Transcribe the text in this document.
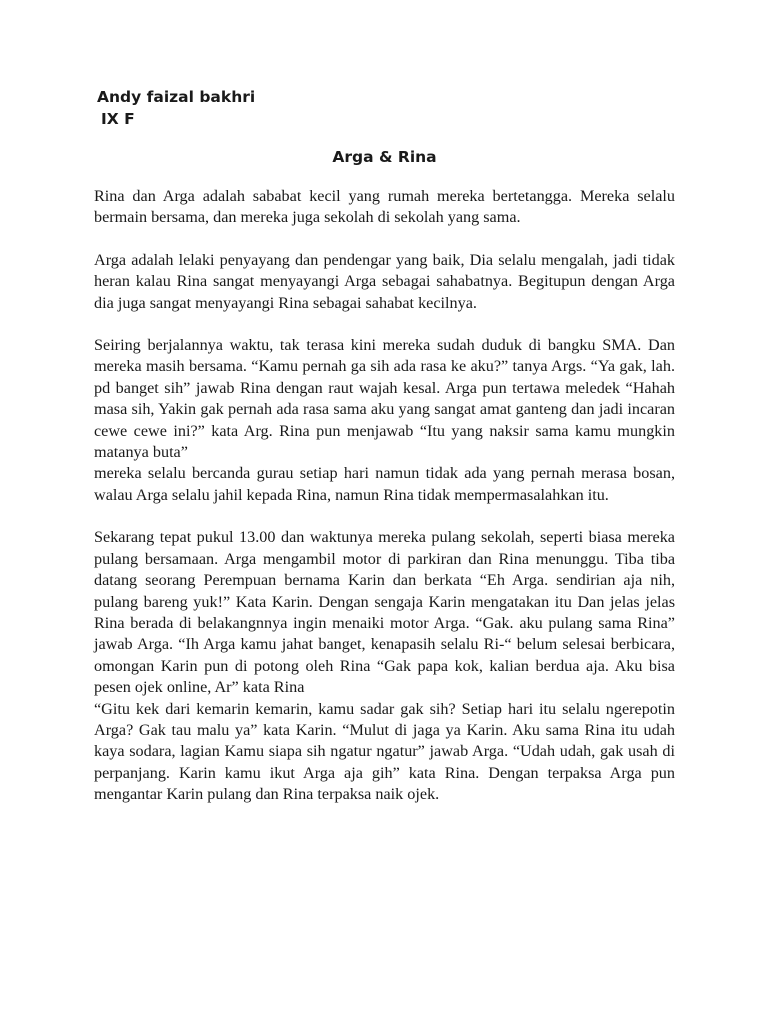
Andy faizal bakhri
IX F
Arga & Rina

Rina dan Arga adalah sababat kecil yang rumah mereka bertetangga. Mereka selalu bermain bersama, dan mereka juga sekolah di sekolah yang sama.

Arga adalah lelaki penyayang dan pendengar yang baik, Dia selalu mengalah, jadi tidak heran kalau Rina sangat menyayangi Arga sebagai sahabatnya. Begitupun dengan Arga dia juga sangat menyayangi Rina sebagai sahabat kecilnya.

Seiring berjalannya waktu, tak terasa kini mereka sudah duduk di bangku SMA. Dan mereka masih bersama. “Kamu pernah ga sih ada rasa ke aku?” tanya Args. “Ya gak, lah. pd banget sih” jawab Rina dengan raut wajah kesal. Arga pun tertawa meledek “Hahah masa sih, Yakin gak pernah ada rasa sama aku yang sangat amat ganteng dan jadi incaran cewe cewe ini?” kata Arg. Rina pun menjawab “Itu yang naksir sama kamu mungkin matanya buta”

mereka selalu bercanda gurau setiap hari namun tidak ada yang pernah merasa bosan, walau Arga selalu jahil kepada Rina, namun Rina tidak mempermasalahkan itu.

Sekarang tepat pukul 13.00 dan waktunya mereka pulang sekolah, seperti biasa mereka pulang bersamaan. Arga mengambil motor di parkiran dan Rina menunggu. Tiba tiba datang seorang Perempuan bernama Karin dan berkata “Eh Arga. sendirian aja nih, pulang bareng yuk!” Kata Karin. Dengan sengaja Karin mengatakan itu Dan jelas jelas Rina berada di belakangnnya ingin menaiki motor Arga. “Gak. aku pulang sama Rina” jawab Arga. “Ih Arga kamu jahat banget, kenapasih selalu Ri-“ belum selesai berbicara, omongan Karin pun di potong oleh Rina “Gak papa kok, kalian berdua aja. Aku bisa pesen ojek online, Ar” kata Rina

“Gitu kek dari kemarin kemarin, kamu sadar gak sih? Setiap hari itu selalu ngerepotin Arga? Gak tau malu ya” kata Karin. “Mulut di jaga ya Karin. Aku sama Rina itu udah kaya sodara, lagian Kamu siapa sih ngatur ngatur” jawab Arga. “Udah udah, gak usah di perpanjang. Karin kamu ikut Arga aja gih” kata Rina. Dengan terpaksa Arga pun mengantar Karin pulang dan Rina terpaksa naik ojek.
